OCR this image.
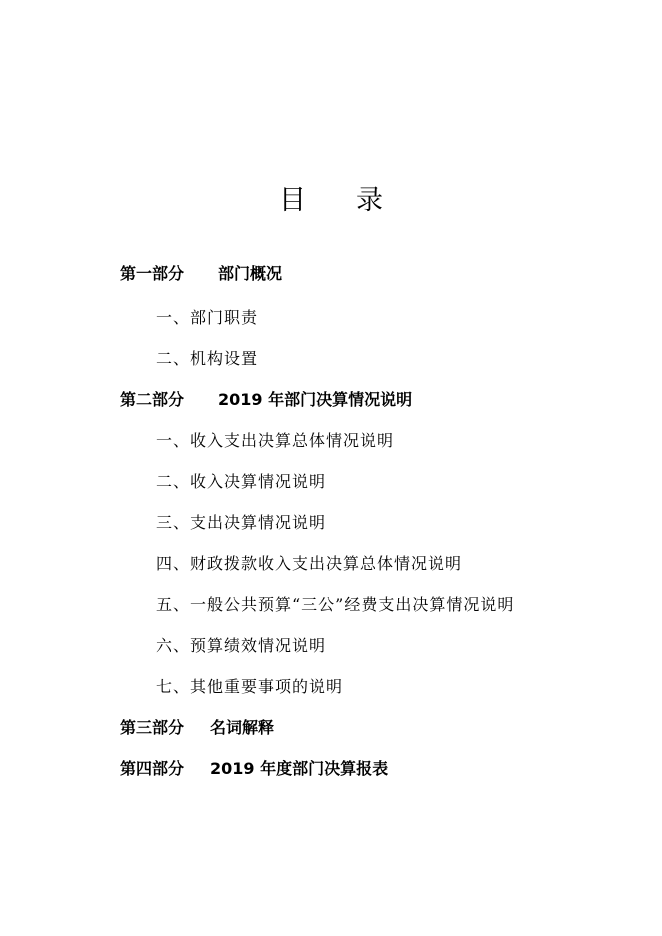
目 录
第一部分 部门概况
一、部门职责
二、机构设置
第二部分 2019 年部门决算情况说明
一、收入支出决算总体情况说明
二、收入决算情况说明
三、支出决算情况说明
四、财政拨款收入支出决算总体情况说明
五、一般公共预算“三公”经费支出决算情况说明
六、预算绩效情况说明
七、其他重要事项的说明
第三部分 名词解释
第四部分 2019 年度部门决算报表
